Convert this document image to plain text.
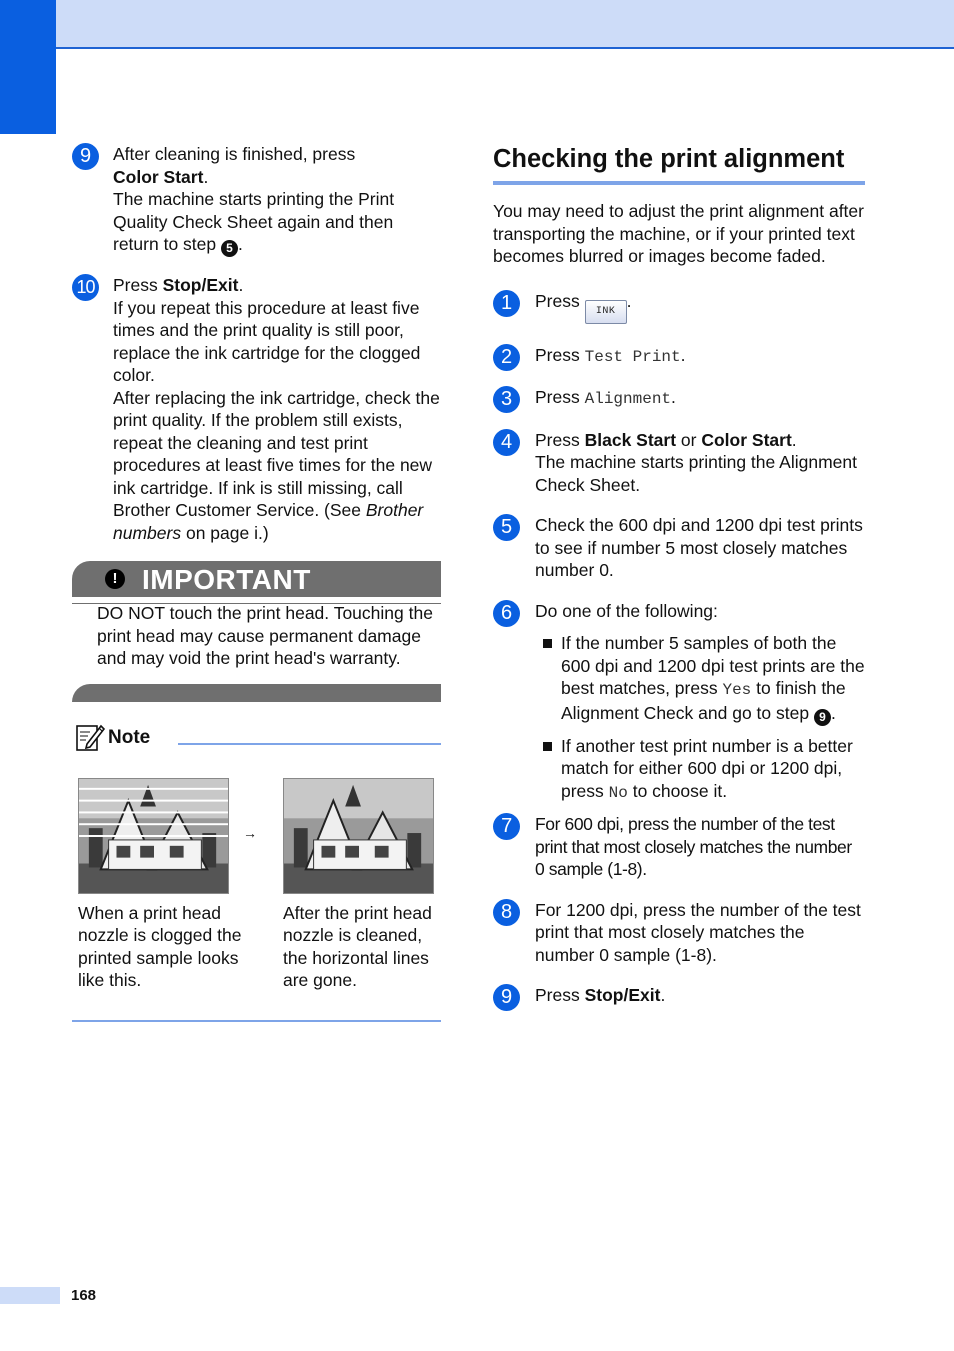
9	After cleaning is finished, press
Color Start.
The machine starts printing the Print Quality Check Sheet again and then return to step 5 .
10 Press Stop/Exit.
If you repeat this procedure at least five times and the print quality is still poor, replace the ink cartridge for the clogged color.
After replacing the ink cartridge, check the print quality. If the problem still exists, repeat the cleaning and test print procedures at least five times for the new ink cartridge. If ink is still missing, call Brother Customer Service. (See Brother numbers on page i.)
! IMPORTANT
DO NOT touch the print head. Touching the print head may cause permanent damage and may void the print head's warranty.
Note
→
When a print head nozzle is clogged the printed sample looks like this.
After the print head nozzle is cleaned, the horizontal lines are gone.
Checking the print alignment

You may need to adjust the print alignment after transporting the machine, or if your printed text becomes blurred or images become faded.

1	Press INK.
2	Press Test Print.
3	Press Alignment.
4	Press Black Start or Color Start.
The machine starts printing the Alignment Check Sheet.
5	Check the 600 dpi and 1200 dpi test prints to see if number 5 most closely matches number 0.
6	Do one of the following:
If the number 5 samples of both the 600 dpi and 1200 dpi test prints are the best matches, press Yes to finish the Alignment Check and go to step 9 .
If another test print number is a better match for either 600 dpi or 1200 dpi, press No to choose it.
7	For 600 dpi, press the number of the test print that most closely matches the number 0 sample (1-8).
8	For 1200 dpi, press the number of the test print that most closely matches the number 0 sample (1-8).
9	Press Stop/Exit.
168
